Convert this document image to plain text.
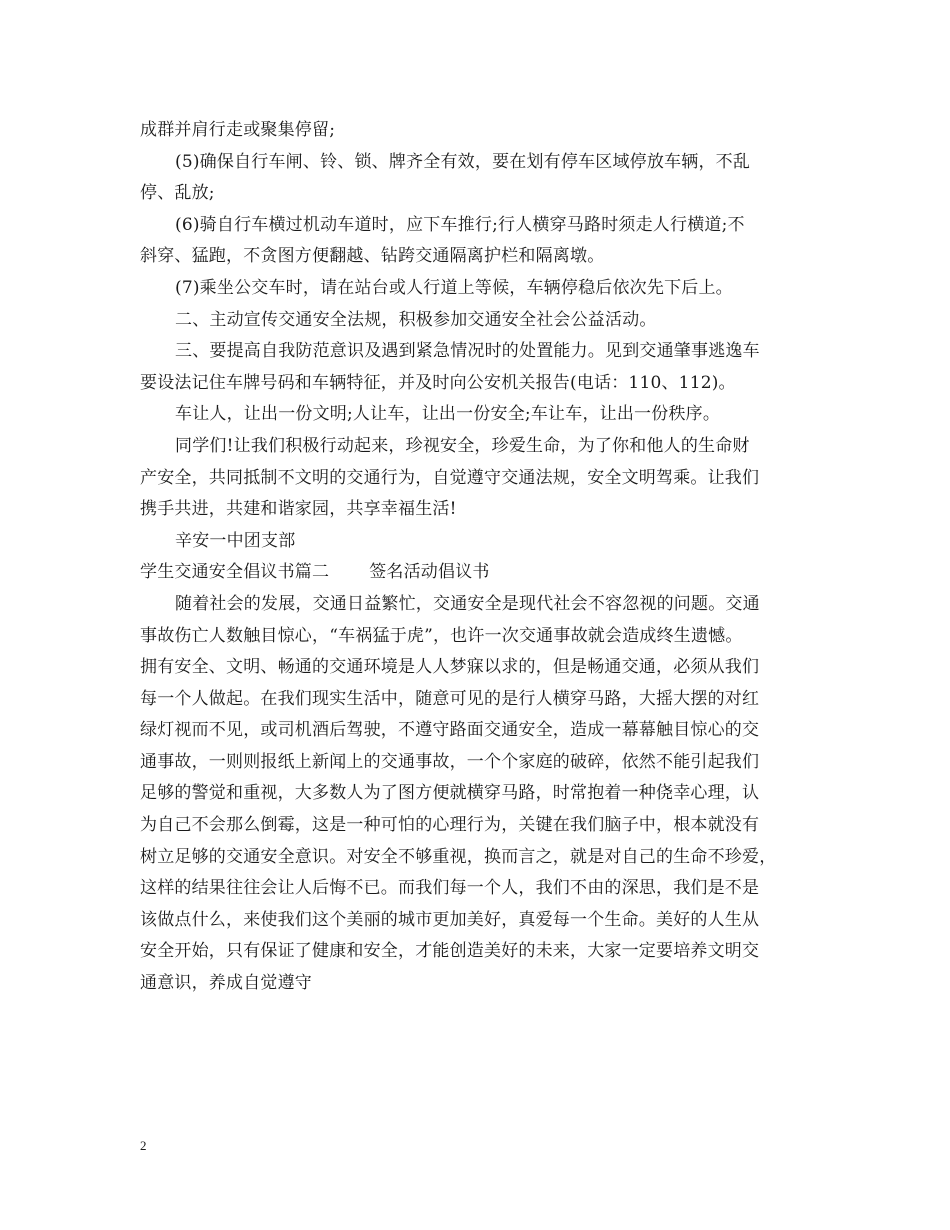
成群并肩行走或聚集停留;
(5)确保自行车闸、铃、锁、牌齐全有效，要在划有停车区域停放车辆，不乱
停、乱放;
(6)骑自行车横过机动车道时，应下车推行;行人横穿马路时须走人行横道;不
斜穿、猛跑，不贪图方便翻越、钻跨交通隔离护栏和隔离墩。
(7)乘坐公交车时，请在站台或人行道上等候，车辆停稳后依次先下后上。
二、主动宣传交通安全法规，积极参加交通安全社会公益活动。
三、要提高自我防范意识及遇到紧急情况时的处置能力。见到交通肇事逃逸车
要设法记住车牌号码和车辆特征，并及时向公安机关报告(电话：110、112)。
车让人，让出一份文明;人让车，让出一份安全;车让车，让出一份秩序。
同学们!让我们积极行动起来，珍视安全，珍爱生命，为了你和他人的生命财
产安全，共同抵制不文明的交通行为，自觉遵守交通法规，安全文明驾乘。让我们
携手共进，共建和谐家园，共享幸福生活!
辛安一中团支部
学生交通安全倡议书篇二 签名活动倡议书
随着社会的发展，交通日益繁忙，交通安全是现代社会不容忽视的问题。交通
事故伤亡人数触目惊心，“车祸猛于虎”，也许一次交通事故就会造成终生遗憾。
拥有安全、文明、畅通的交通环境是人人梦寐以求的，但是畅通交通，必须从我们
每一个人做起。在我们现实生活中，随意可见的是行人横穿马路，大摇大摆的对红
绿灯视而不见，或司机酒后驾驶，不遵守路面交通安全，造成一幕幕触目惊心的交
通事故，一则则报纸上新闻上的交通事故，一个个家庭的破碎，依然不能引起我们
足够的警觉和重视，大多数人为了图方便就横穿马路，时常抱着一种侥幸心理，认
为自己不会那么倒霉，这是一种可怕的心理行为，关键在我们脑子中，根本就没有
树立足够的交通安全意识。对安全不够重视，换而言之，就是对自己的生命不珍爱，
这样的结果往往会让人后悔不已。而我们每一个人，我们不由的深思，我们是不是
该做点什么，来使我们这个美丽的城市更加美好，真爱每一个生命。美好的人生从
安全开始，只有保证了健康和安全，才能创造美好的未来，大家一定要培养文明交
通意识，养成自觉遵守
2
